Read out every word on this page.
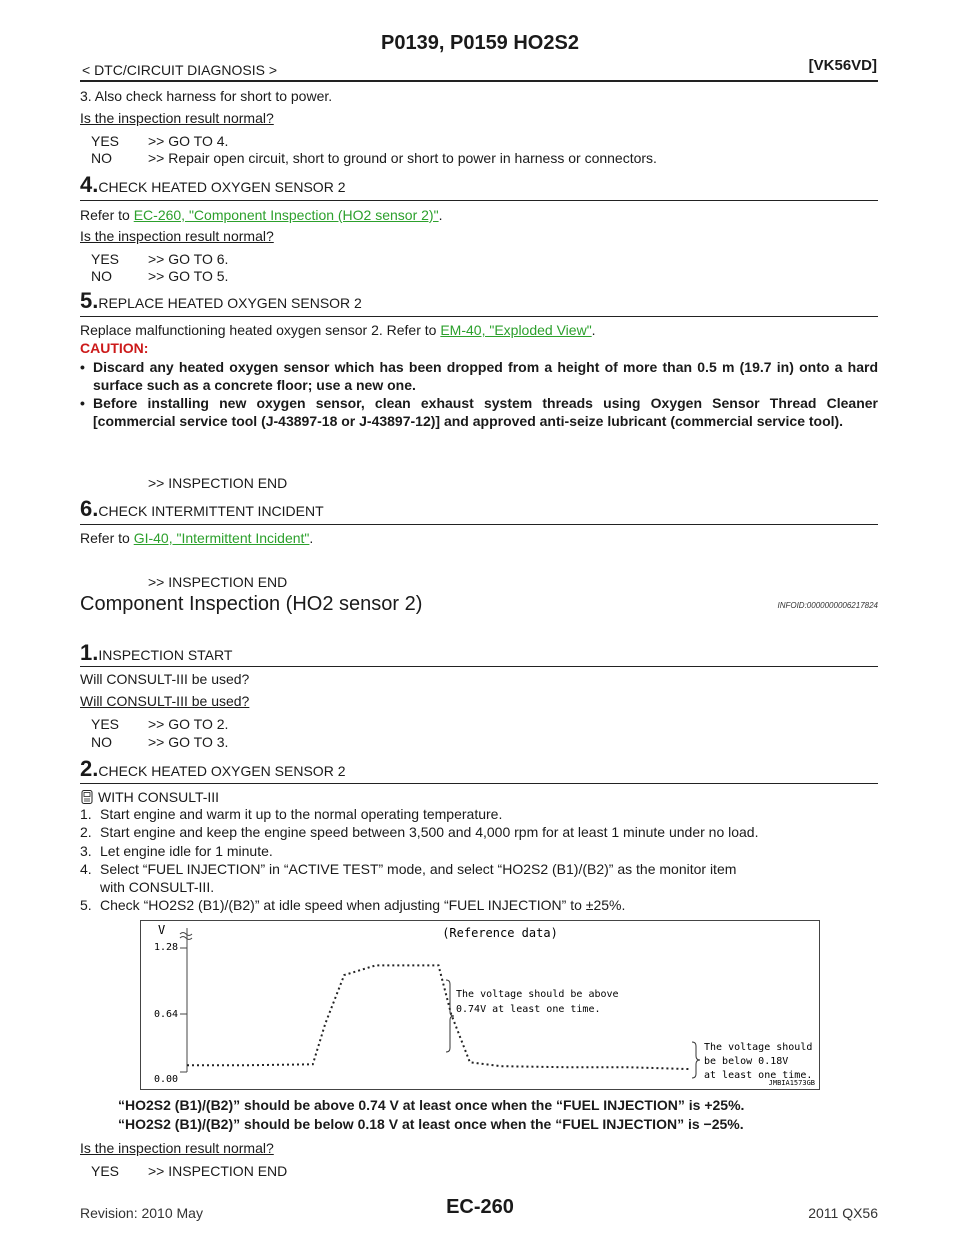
P0139, P0159 HO2S2
< DTC/CIRCUIT DIAGNOSIS >	[VK56VD]
3. Also check harness for short to power.
Is the inspection result normal?
YES >> GO TO 4.
NO	>> Repair open circuit, short to ground or short to power in harness or connectors.
4.CHECK HEATED OXYGEN SENSOR 2
Refer to EC-260, "Component Inspection (HO2 sensor 2)".
Is the inspection result normal?
YES >> GO TO 6.
NO	>> GO TO 5.
5.REPLACE HEATED OXYGEN SENSOR 2
Replace malfunctioning heated oxygen sensor 2. Refer to EM-40, "Exploded View".
CAUTION:
• Discard any heated oxygen sensor which has been dropped from a height of more than 0.5 m (19.7 in) onto a hard surface such as a concrete floor; use a new one.
• Before installing new oxygen sensor, clean exhaust system threads using Oxygen Sensor Thread Cleaner [commercial service tool (J-43897-18 or J-43897-12)] and approved anti-seize lubricant (commercial service tool).
>> INSPECTION END
6.CHECK INTERMITTENT INCIDENT
Refer to GI-40, "Intermittent Incident".
>> INSPECTION END
Component Inspection (HO2 sensor 2)	INFOID:0000000006217824
1.INSPECTION START
Will CONSULT-III be used?
Will CONSULT-III be used?
YES >> GO TO 2.
NO	>> GO TO 3.
2.CHECK HEATED OXYGEN SENSOR 2
WITH CONSULT-III
1. Start engine and warm it up to the normal operating temperature.
2. Start engine and keep the engine speed between 3,500 and 4,000 rpm for at least 1 minute under no load.
3. Let engine idle for 1 minute.
4. Select “FUEL INJECTION” in “ACTIVE TEST” mode, and select “HO2S2 (B1)/(B2)” as the monitor item
with CONSULT-III.
5. Check “HO2S2 (B1)/(B2)” at idle speed when adjusting “FUEL INJECTION” to ±25%.
V	(Reference data)
1.28
0.64
0.00
The voltage should be above
0.74V at least one time.
The voltage should
be below 0.18V
at least one time.
JMBIA1573GB
“HO2S2 (B1)/(B2)” should be above 0.74 V at least once when the “FUEL INJECTION” is +25%.
“HO2S2 (B1)/(B2)” should be below 0.18 V at least once when the “FUEL INJECTION” is −25%.
Is the inspection result normal?
YES >> INSPECTION END
Revision: 2010 May	EC-260	2011 QX56
